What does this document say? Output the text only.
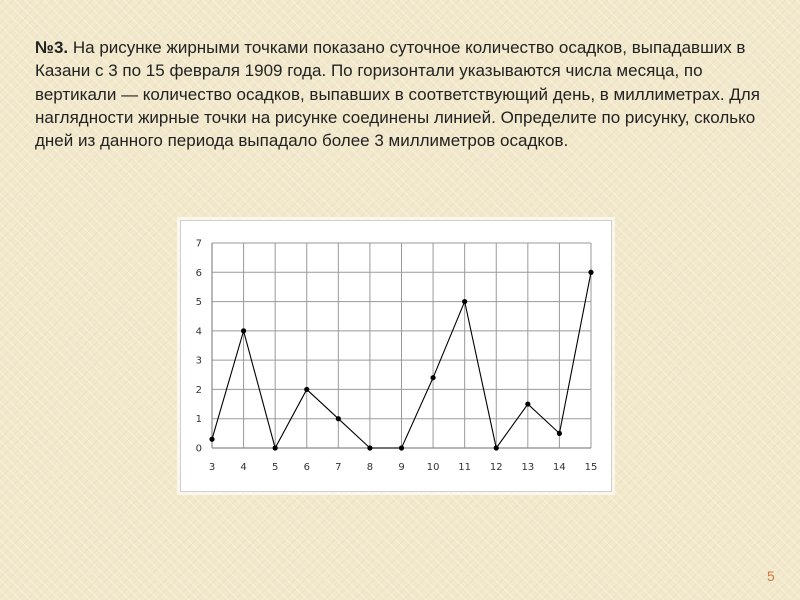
№3. На рисунке жирными точками показано суточное количество осадков, выпадавших в Казани с 3 по 15 февраля 1909 года. По горизонтали указываются числа месяца, по вертикали — количество осадков, выпавших в соответствующий день, в миллиметрах. Для наглядности жирные точки на рисунке соединены линией. Определите по рисунку, сколько дней из данного периода выпадало более 3 миллиметров осадков.
0
1
2
3
4
5
6
7
3	4	5	6	7	8	9 10 11 12 13 14 15
5
